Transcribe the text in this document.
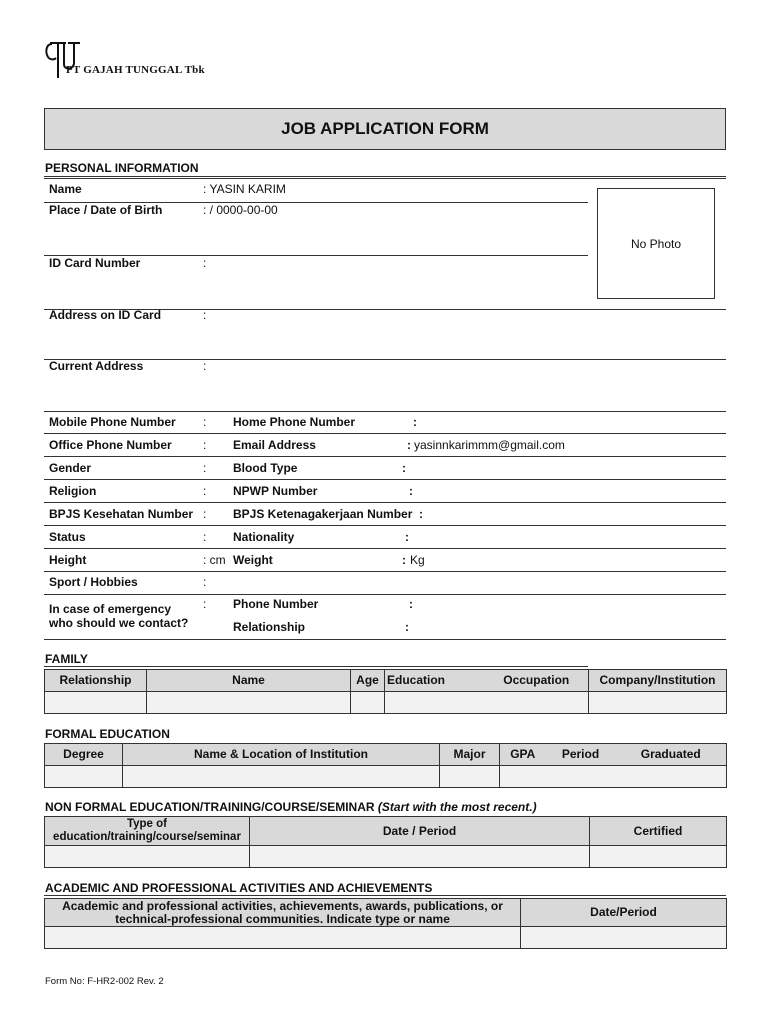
PT GAJAH TUNGGAL Tbk
JOB APPLICATION FORM
PERSONAL INFORMATION
Name	: YASIN KARIM
Place / Date of Birth	: / 0000-00-00
No Photo
ID Card Number	:
Address on ID Card	:
Current Address	:
Mobile Phone Number : Home Phone Number	:
Office Phone Number	: Email Address	: yasinnkarimmm@gmail.com
Gender	: Blood Type	:
Religion	: NPWP Number	:
BPJS Kesehatan Number : BPJS Ketenagakerjaan Number :
Status	: Nationality	:
Height	: cm Weight	: Kg
Sport / Hobbies	:
In case of emergency
who should we contact?
: Phone Number	:
Relationship	:
FAMILY
Relationship	Name	Age	Education	Occupation	Company/Institution

FORMAL EDUCATION
Degree	Name & Location of Institution	Major	GPA	Period	Graduated

NON FORMAL EDUCATION/TRAINING/COURSE/SEMINAR (Start with the most recent.)
Type of education/training/course/seminar	Date / Period	Certified

ACADEMIC AND PROFESSIONAL ACTIVITIES AND ACHIEVEMENTS
Academic and professional activities, achievements, awards, publications, or technical-professional communities. Indicate type or name	Date/Period

Form No: F-HR2-002 Rev. 2
